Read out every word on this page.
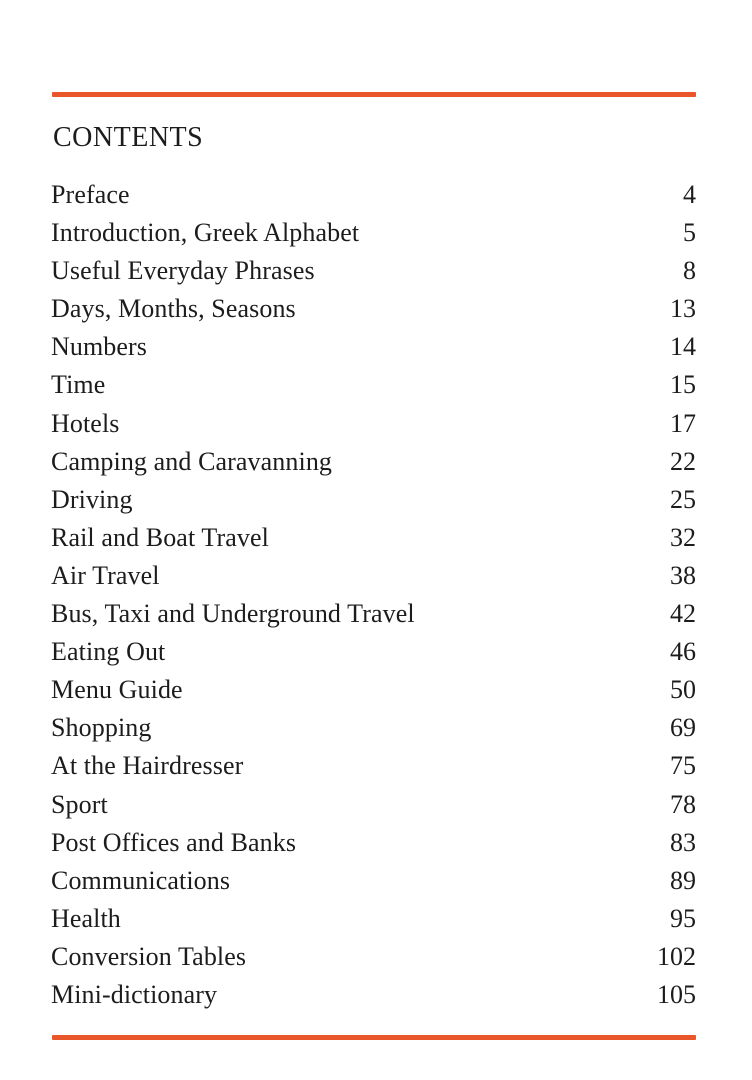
CONTENTS
Preface	4
Introduction, Greek Alphabet	5
Useful Everyday Phrases	8
Days, Months, Seasons	13
Numbers	14
Time	15
Hotels	17
Camping and Caravanning	22
Driving	25
Rail and Boat Travel	32
Air Travel	38
Bus, Taxi and Underground Travel	42
Eating Out	46
Menu Guide	50
Shopping	69
At the Hairdresser	75
Sport	78
Post Offices and Banks	83
Communications	89
Health	95
Conversion Tables	102
Mini-dictionary	105
